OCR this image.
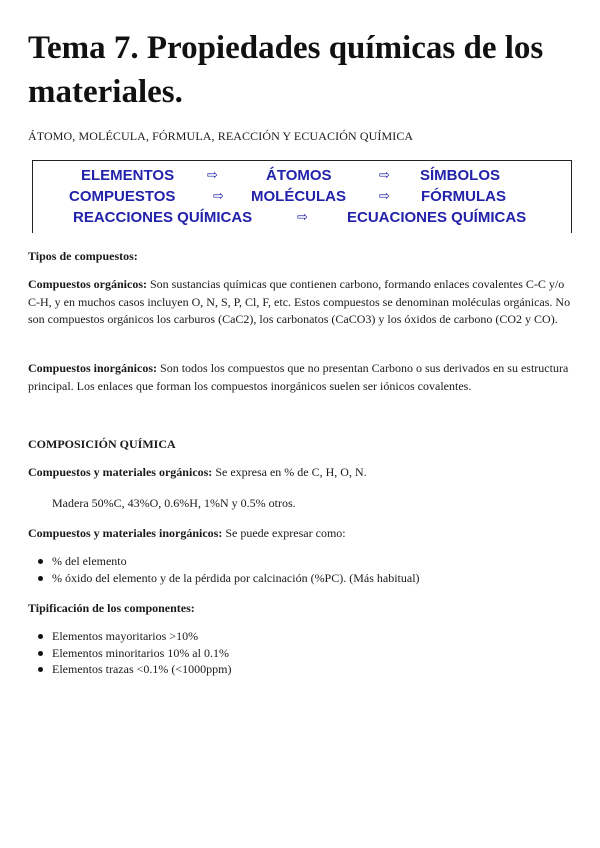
Tema 7. Propiedades químicas de los materiales.
ÁTOMO, MOLÉCULA, FÓRMULA, REACCIÓN Y ECUACIÓN QUÍMICA
ELEMENTOS	⇨	ÁTOMOS	⇨ SÍMBOLOS
COMPUESTOS	⇨ MOLÉCULAS	⇨ FÓRMULAS
REACCIONES QUÍMICAS	⇨	ECUACIONES QUÍMICAS
Tipos de compuestos:
Compuestos orgánicos: Son sustancias químicas que contienen carbono, formando enlaces covalentes C-C y/o C-H, y en muchos casos incluyen O, N, S, P, Cl, F, etc. Estos compuestos se denominan moléculas orgánicas. No son compuestos orgánicos los carburos (CaC2), los carbonatos (CaCO3) y los óxidos de carbono (CO2 y CO).
Compuestos inorgánicos: Son todos los compuestos que no presentan Carbono o sus derivados en su estructura principal. Los enlaces que forman los compuestos inorgánicos suelen ser iónicos covalentes.
COMPOSICIÓN QUÍMICA
Compuestos y materiales orgánicos: Se expresa en % de C, H, O, N.
Madera 50%C, 43%O, 0.6%H, 1%N y 0.5% otros.
Compuestos y materiales inorgánicos: Se puede expresar como:
% del elemento
% óxido del elemento y de la pérdida por calcinación (%PC). (Más habitual)
Tipificación de los componentes:
Elementos mayoritarios >10%
Elementos minoritarios 10% al 0.1%
Elementos trazas <0.1% (<1000ppm)
